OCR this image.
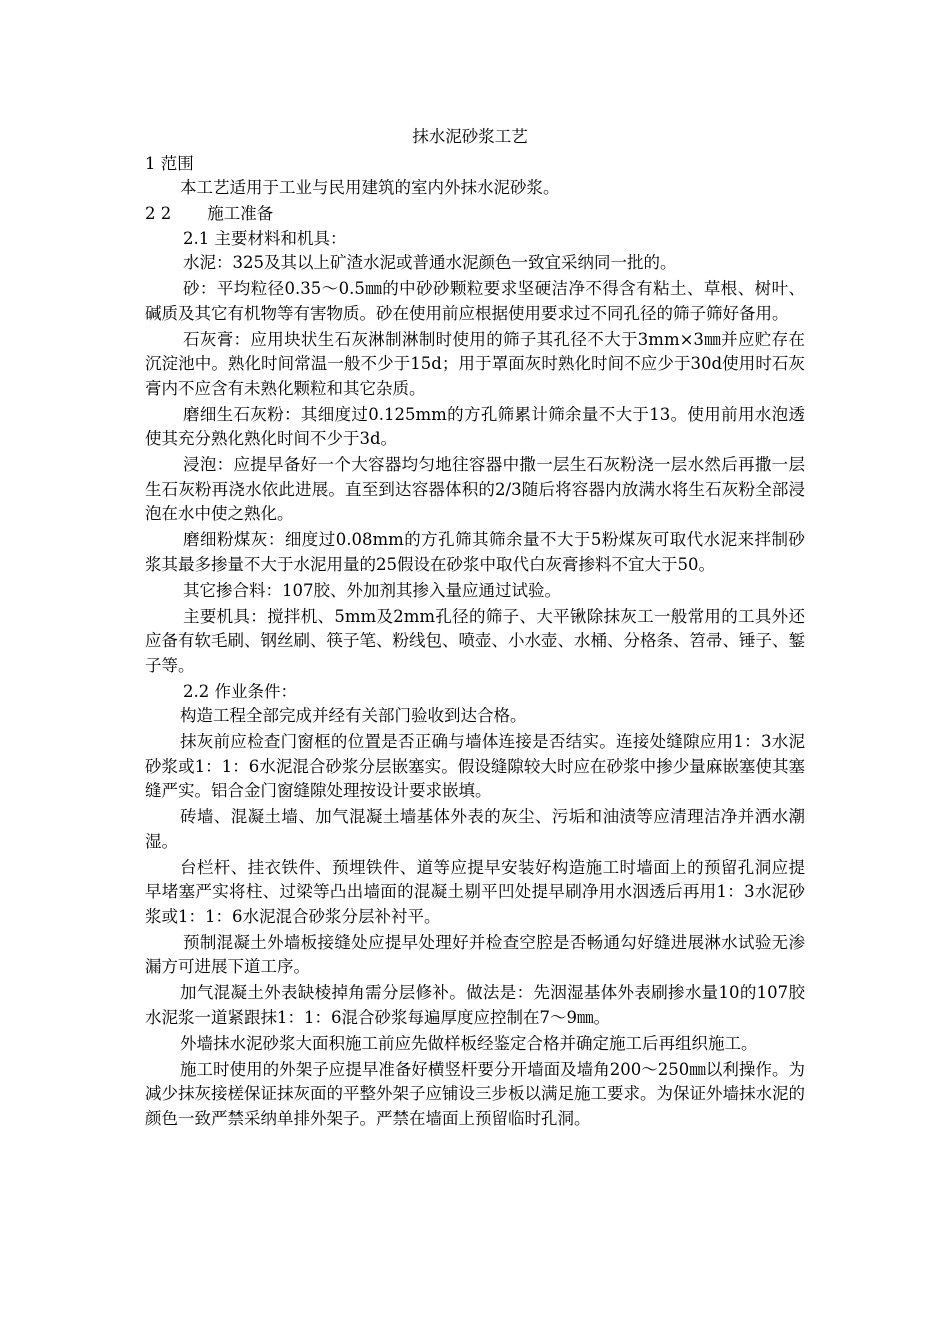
抹水泥砂浆工艺
1 范围
本工艺适用于工业与民用建筑的室内外抹水泥砂浆。
2 2 施工准备
2.1 主要材料和机具：
水泥：325及其以上矿渣水泥或普通水泥颜色一致宜采纳同一批的。
砂：平均粒径0.35～0.5㎜的中砂砂颗粒要求坚硬洁净不得含有粘土、草根、树叶、碱质及其它有机物等有害物质。砂在使用前应根据使用要求过不同孔径的筛子筛好备用。
石灰膏：应用块状生石灰淋制淋制时使用的筛子其孔径不大于3mm×3㎜并应贮存在沉淀池中。熟化时间常温一般不少于15d；用于罩面灰时熟化时间不应少于30d使用时石灰膏内不应含有未熟化颗粒和其它杂质。
磨细生石灰粉：其细度过0.125mm的方孔筛累计筛余量不大于13。使用前用水泡透使其充分熟化熟化时间不少于3d。
浸泡：应提早备好一个大容器均匀地往容器中撒一层生石灰粉浇一层水然后再撒一层生石灰粉再浇水依此进展。直至到达容器体积的2/3随后将容器内放满水将生石灰粉全部浸泡在水中使之熟化。
磨细粉煤灰：细度过0.08mm的方孔筛其筛余量不大于5粉煤灰可取代水泥来拌制砂浆其最多掺量不大于水泥用量的25假设在砂浆中取代白灰膏掺料不宜大于50。
其它掺合料：107胶、外加剂其掺入量应通过试验。
主要机具：搅拌机、5mm及2mm孔径的筛子、大平锹除抹灰工一般常用的工具外还应备有软毛刷、钢丝刷、筷子笔、粉线包、喷壶、小水壶、水桶、分格条、笤帚、锤子、錾子等。
2.2 作业条件：
构造工程全部完成并经有关部门验收到达合格。
抹灰前应检查门窗框的位置是否正确与墙体连接是否结实。连接处缝隙应用1：3水泥砂浆或1：1：6水泥混合砂浆分层嵌塞实。假设缝隙较大时应在砂浆中掺少量麻嵌塞使其塞缝严实。铝合金门窗缝隙处理按设计要求嵌填。
砖墙、混凝土墙、加气混凝土墙基体外表的灰尘、污垢和油渍等应清理洁净并洒水潮湿。
台栏杆、挂衣铁件、预埋铁件、道等应提早安装好构造施工时墙面上的预留孔洞应提早堵塞严实将柱、过梁等凸出墙面的混凝土剔平凹处提早刷净用水洇透后再用1：3水泥砂浆或1：1：6水泥混合砂浆分层补衬平。
预制混凝土外墙板接缝处应提早处理好并检查空腔是否畅通勾好缝进展淋水试验无渗漏方可进展下道工序。
加气混凝土外表缺棱掉角需分层修补。做法是：先洇湿基体外表刷掺水量10的107胶水泥浆一道紧跟抹1：1：6混合砂浆每遍厚度应控制在7～9㎜。
外墙抹水泥砂浆大面积施工前应先做样板经鉴定合格并确定施工后再组织施工。
施工时使用的外架子应提早准备好横竖杆要分开墙面及墙角200～250㎜以利操作。为减少抹灰接槎保证抹灰面的平整外架子应铺设三步板以满足施工要求。为保证外墙抹水泥的颜色一致严禁采纳单排外架子。严禁在墙面上预留临时孔洞。
